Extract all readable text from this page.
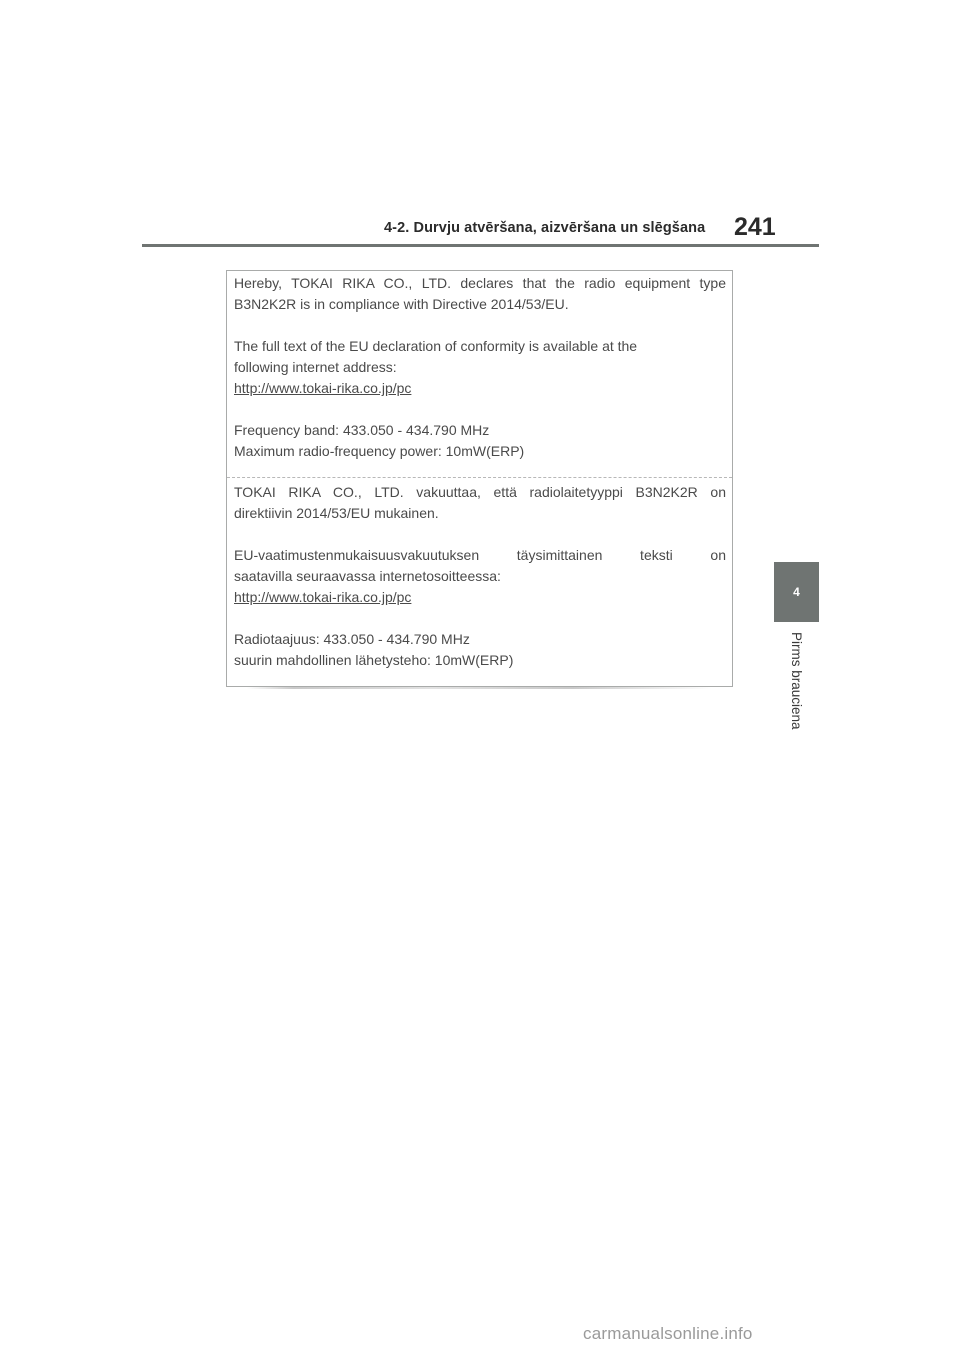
4-2. Durvju atvēršana, aizvēršana un slēgšana 241
4
Pirms brauciena

Hereby, TOKAI RIKA CO., LTD. declares that the radio equipment type

B3N2K2R is in compliance with Directive 2014/53/EU.

The full text of the EU declaration of conformity is available at the

following internet address:

http://www.tokai-rika.co.jp/pc

Frequency band: 433.050 - 434.790 MHz

Maximum radio-frequency power: 10mW(ERP)

TOKAI RIKA CO., LTD. vakuuttaa, että radiolaitetyyppi B3N2K2R on

direktiivin 2014/53/EU mukainen.

EU-vaatimustenmukaisuusvakuutuksen täysimittainen teksti on

saatavilla seuraavassa internetosoitteessa:

http://www.tokai-rika.co.jp/pc

Radiotaajuus: 433.050 - 434.790 MHz

suurin mahdollinen lähetysteho: 10mW(ERP)

carmanualsonline.info
